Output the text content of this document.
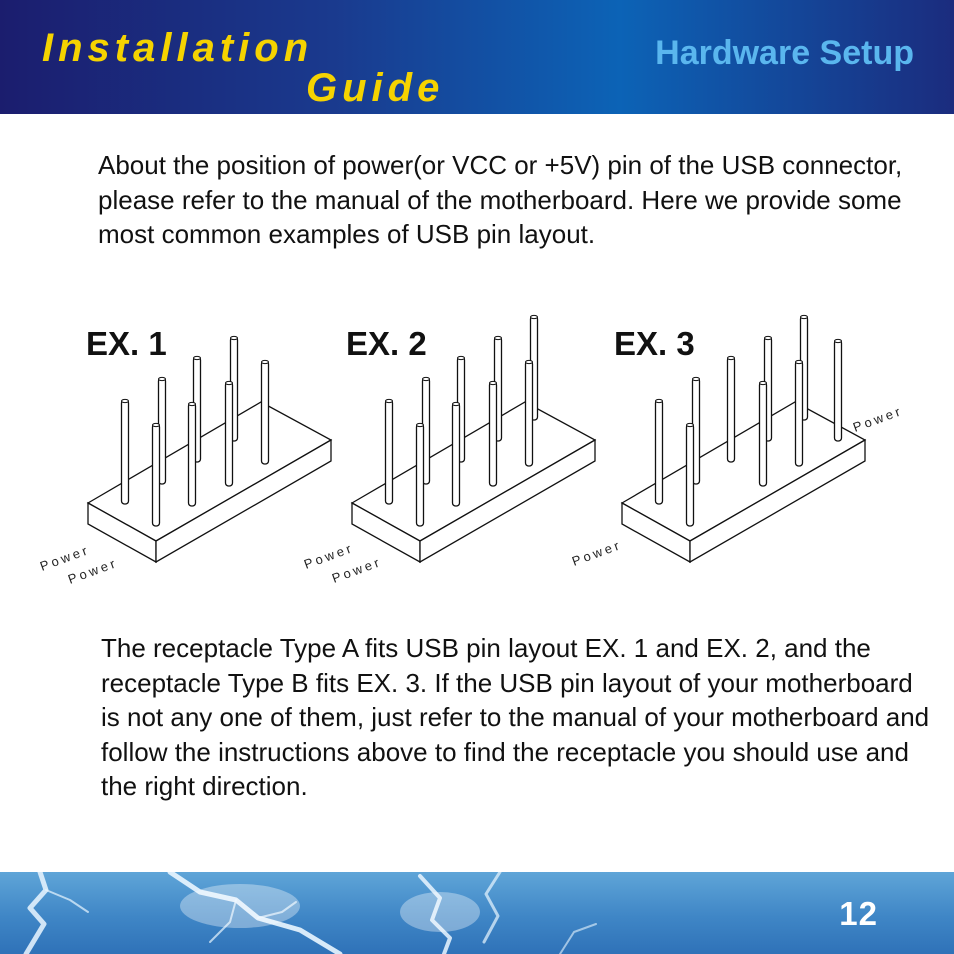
Installation
Guide
Hardware Setup

About the position of power(or VCC or +5V) pin of the USB connector, please refer to the manual of the motherboard. Here we provide some most common examples of USB pin layout.

EX. 1	EX. 2	EX. 3
Power
Power	Power
Power
Power
Power

The receptacle Type A fits USB pin layout EX. 1 and EX. 2, and the receptacle Type B fits EX. 3. If the USB pin layout of your motherboard is not any one of them, just refer to the manual of your motherboard and follow the instructions above to find the receptacle you should use and the right direction.

12
